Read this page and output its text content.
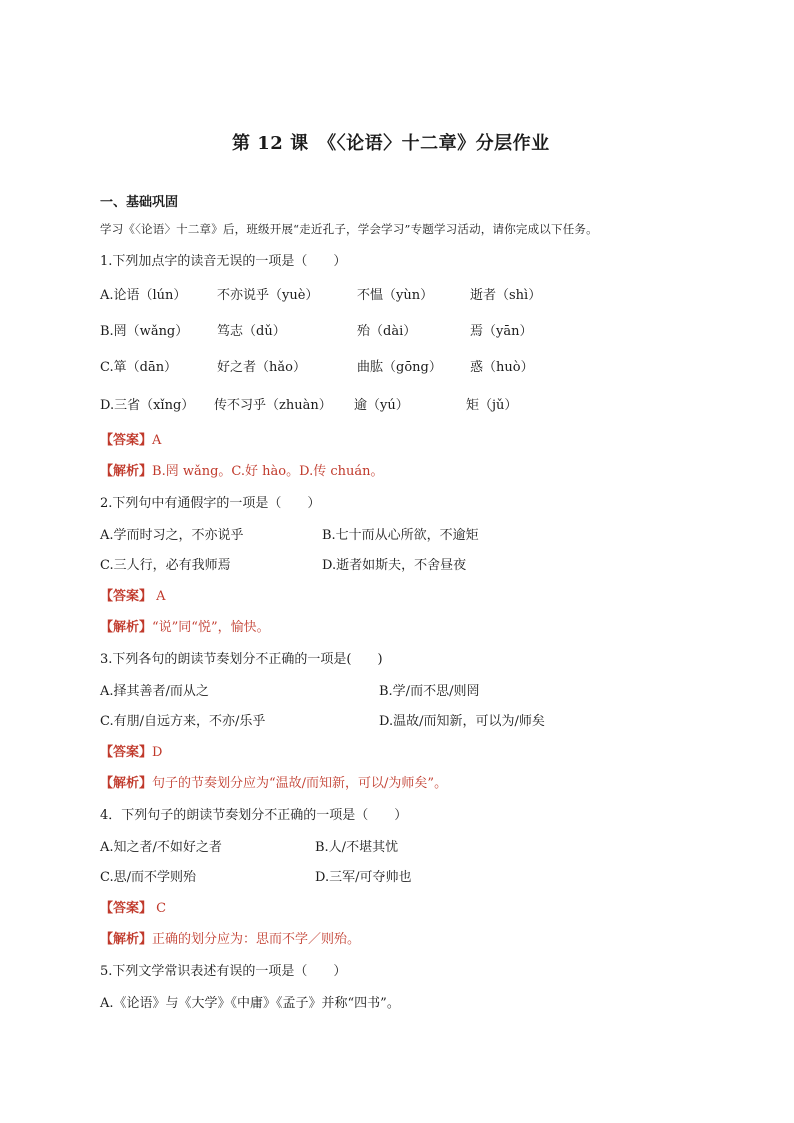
第 12 课　《〈论语〉十二章》分层作业
一、基础巩固
学习《〈论语〉十二章》后，班级开展“走近孔子，学会学习”专题学习活动，请你完成以下任务。
1.下列加点字的读音无误的一项是（　　）
A.论语（lún） 不亦说乎（yuè）	不愠（yùn）	逝者（shì）
B.罔（wǎng） 笃志（dǔ）	殆（dài）	焉（yān）
C.箪（dān）	好之者（hǎo）	曲肱（gōng） 惑（huò）
D.三省（xǐng） 传不习乎（zhuàn） 逾（yú）	矩（jǔ）
【答案】A
【解析】B.罔 wǎng。C.好 hào。D.传 chuán。
2.下列句中有通假字的一项是（　　）
A.学而时习之，不亦说乎	B.七十而从心所欲，不逾矩
C.三人行，必有我师焉	D.逝者如斯夫，不舍昼夜
【答案】 A
【解析】“说”同“悦”，愉快。
3.下列各句的朗读节奏划分不正确的一项是(　　)
A.择其善者/而从之	B.学/而不思/则罔
C.有朋/自远方来，不亦/乐乎	D.温故/而知新，可以为/师矣
【答案】D
【解析】句子的节奏划分应为“温故/而知新，可以/为师矣”。
4．下列句子的朗读节奏划分不正确的一项是（　　）
A.知之者/不如好之者	B.人/不堪其忧
C.思/而不学则殆	D.三军/可夺帅也
【答案】 C
【解析】正确的划分应为：思而不学／则殆。
5.下列文学常识表述有误的一项是（　　）
A.《论语》与《大学》《中庸》《孟子》并称“四书”。
